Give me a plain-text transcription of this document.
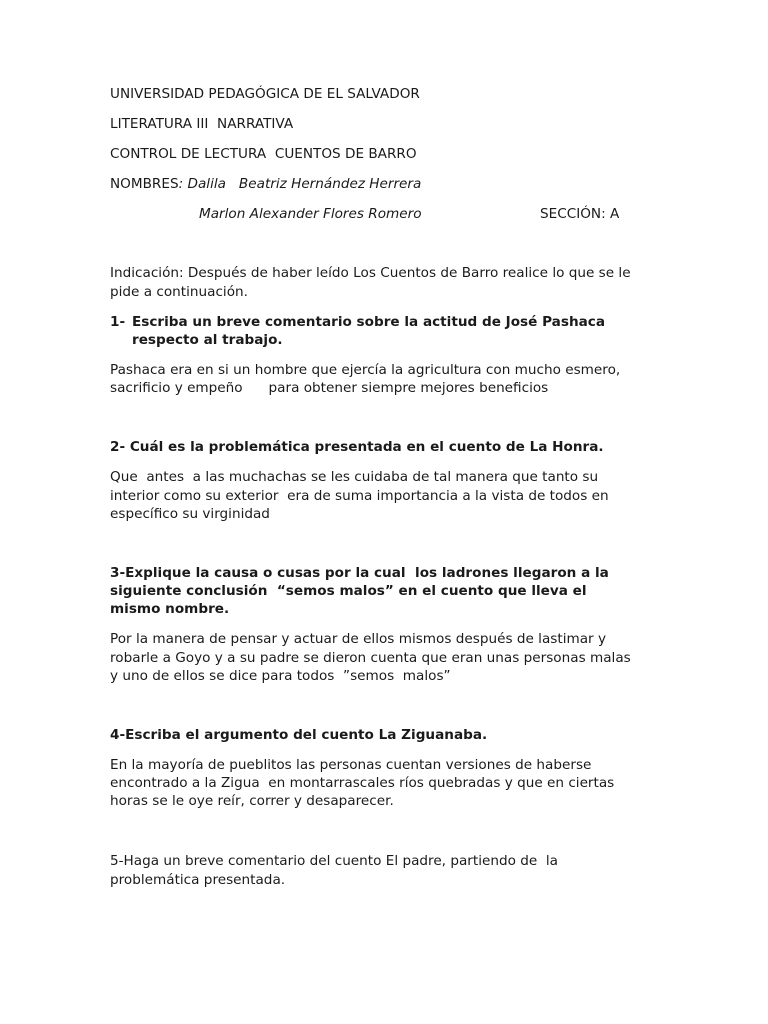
UNIVERSIDAD PEDAGÓGICA DE EL SALVADOR
LITERATURA III  NARRATIVA
CONTROL DE LECTURA  CUENTOS DE BARRO
NOMBRES: Dalila   Beatriz Hernández Herrera
Marlon Alexander Flores Romero	SECCIÓN: A
Indicación: Después de haber leído Los Cuentos de Barro realice lo que se le
pide a continuación.
1- Escriba un breve comentario sobre la actitud de José Pashaca
respecto al trabajo.
Pashaca era en si un hombre que ejercía la agricultura con mucho esmero,
sacrificio y empeño      para obtener siempre mejores beneficios
2- Cuál es la problemática presentada en el cuento de La Honra.
Que  antes  a las muchachas se les cuidaba de tal manera que tanto su
interior como su exterior  era de suma importancia a la vista de todos en
específico su virginidad
3-Explique la causa o cusas por la cual  los ladrones llegaron a la
siguiente conclusión  “semos malos” en el cuento que lleva el
mismo nombre.
Por la manera de pensar y actuar de ellos mismos después de lastimar y
robarle a Goyo y a su padre se dieron cuenta que eran unas personas malas
y uno de ellos se dice para todos  ”semos  malos”
4-Escriba el argumento del cuento La Ziguanaba.
En la mayoría de pueblitos las personas cuentan versiones de haberse
encontrado a la Zigua  en montarrascales ríos quebradas y que en ciertas
horas se le oye reír, correr y desaparecer.
5-Haga un breve comentario del cuento El padre, partiendo de  la
problemática presentada.
